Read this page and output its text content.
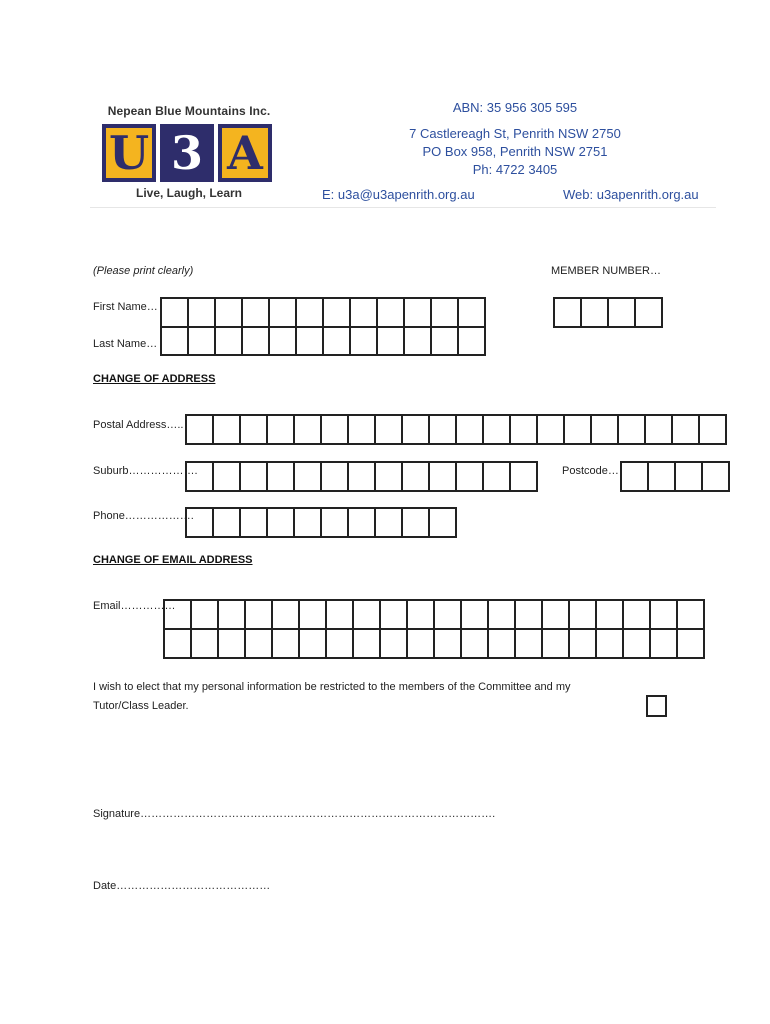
Nepean Blue Mountains Inc.
U 3 A
Live, Laugh, Learn
ABN: 35 956 305 595
7 Castlereagh St, Penrith NSW 2750
PO Box 958, Penrith NSW 2751
Ph: 4722 3405
E: u3a@u3apenrith.org.au	Web: u3apenrith.org.au
(Please print clearly)	MEMBER NUMBER…
First Name…
Last Name…
CHANGE OF ADDRESS
Postal Address…..
Suburb……………….	Postcode…
Phone……………….
CHANGE OF EMAIL ADDRESS
Email……………
I wish to elect that my personal information be restricted to the members of the Committee and my
Tutor/Class Leader.
Signature…………………………………………………………………………………….
Date……………………………………
